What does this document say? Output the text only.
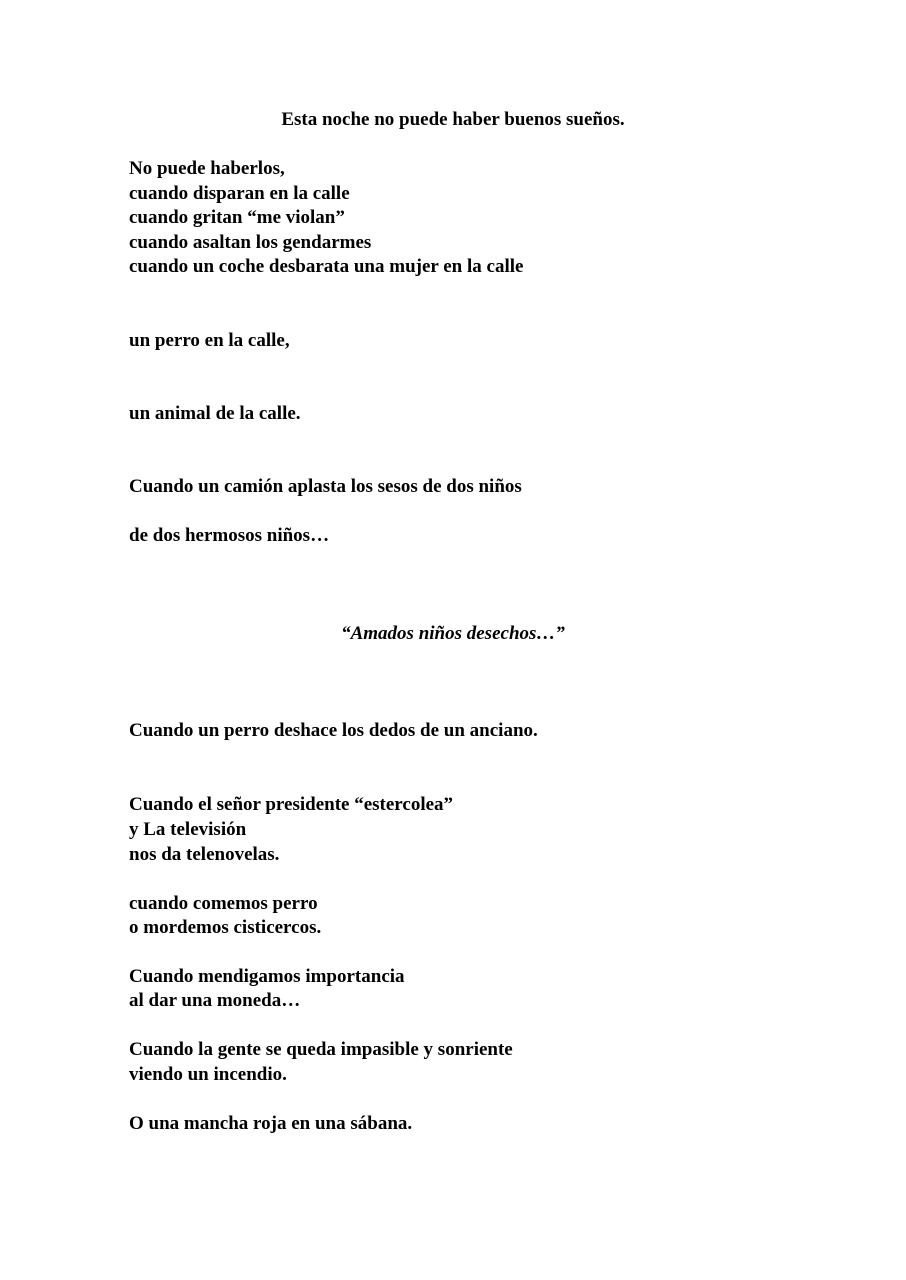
Esta noche no puede haber buenos sueños.
No puede haberlos,
cuando disparan en la calle
cuando gritan “me violan”
cuando asaltan los gendarmes
cuando un coche desbarata una mujer en la calle
un perro en la calle,
un animal de la calle.
Cuando un camión aplasta los sesos de dos niños
de dos hermosos niños…
“Amados niños desechos…”
Cuando un perro deshace los dedos de un anciano.
Cuando el señor presidente “estercolea”
y La televisión
nos da telenovelas.
cuando comemos perro
o mordemos cisticercos.
Cuando mendigamos importancia
al dar una moneda…
Cuando la gente se queda impasible y sonriente
viendo un incendio.
O una mancha roja en una sábana.
